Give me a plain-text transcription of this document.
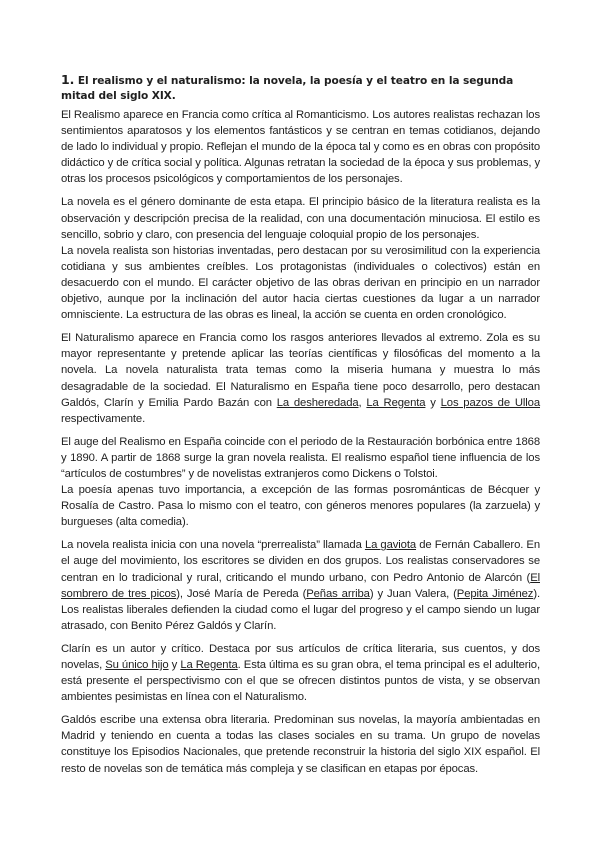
1. El realismo y el naturalismo: la novela, la poesía y el teatro en la segunda mitad del siglo XIX.

El Realismo aparece en Francia como crítica al Romanticismo. Los autores realistas rechazan los sentimientos aparatosos y los elementos fantásticos y se centran en temas cotidianos, dejando de lado lo individual y propio. Reflejan el mundo de la época tal y como es en obras con propósito didáctico y de crítica social y política. Algunas retratan la sociedad de la época y sus problemas, y otras los procesos psicológicos y comportamientos de los personajes.

La novela es el género dominante de esta etapa. El principio básico de la literatura realista es la observación y descripción precisa de la realidad, con una documentación minuciosa. El estilo es sencillo, sobrio y claro, con presencia del lenguaje coloquial propio de los personajes.

La novela realista son historias inventadas, pero destacan por su verosimilitud con la experiencia cotidiana y sus ambientes creíbles. Los protagonistas (individuales o colectivos) están en desacuerdo con el mundo. El carácter objetivo de las obras derivan en principio en un narrador objetivo, aunque por la inclinación del autor hacia ciertas cuestiones da lugar a un narrador omnisciente. La estructura de las obras es lineal, la acción se cuenta en orden cronológico.

El Naturalismo aparece en Francia como los rasgos anteriores llevados al extremo. Zola es su mayor representante y pretende aplicar las teorías científicas y filosóficas del momento a la novela. La novela naturalista trata temas como la miseria humana y muestra lo más desagradable de la sociedad. El Naturalismo en España tiene poco desarrollo, pero destacan Galdós, Clarín y Emilia Pardo Bazán con La desheredada, La Regenta y Los pazos de Ulloa respectivamente.

El auge del Realismo en España coincide con el periodo de la Restauración borbónica entre 1868 y 1890. A partir de 1868 surge la gran novela realista. El realismo español tiene influencia de los “artículos de costumbres” y de novelistas extranjeros como Dickens o Tolstoi.

La poesía apenas tuvo importancia, a excepción de las formas posrománticas de Bécquer y Rosalía de Castro. Pasa lo mismo con el teatro, con géneros menores populares (la zarzuela) y burgueses (alta comedia).

La novela realista inicia con una novela “prerrealista” llamada La gaviota de Fernán Caballero. En el auge del movimiento, los escritores se dividen en dos grupos. Los realistas conservadores se centran en lo tradicional y rural, criticando el mundo urbano, con Pedro Antonio de Alarcón (El sombrero de tres picos), José María de Pereda (Peñas arriba) y Juan Valera, (Pepita Jiménez). Los realistas liberales defienden la ciudad como el lugar del progreso y el campo siendo un lugar atrasado, con Benito Pérez Galdós y Clarín.

Clarín es un autor y crítico. Destaca por sus artículos de crítica literaria, sus cuentos, y dos novelas, Su único hijo y La Regenta. Esta última es su gran obra, el tema principal es el adulterio, está presente el perspectivismo con el que se ofrecen distintos puntos de vista, y se observan ambientes pesimistas en línea con el Naturalismo.

Galdós escribe una extensa obra literaria. Predominan sus novelas, la mayoría ambientadas en Madrid y teniendo en cuenta a todas las clases sociales en su trama. Un grupo de novelas constituye los Episodios Nacionales, que pretende reconstruir la historia del siglo XIX español. El resto de novelas son de temática más compleja y se clasifican en etapas por épocas.
